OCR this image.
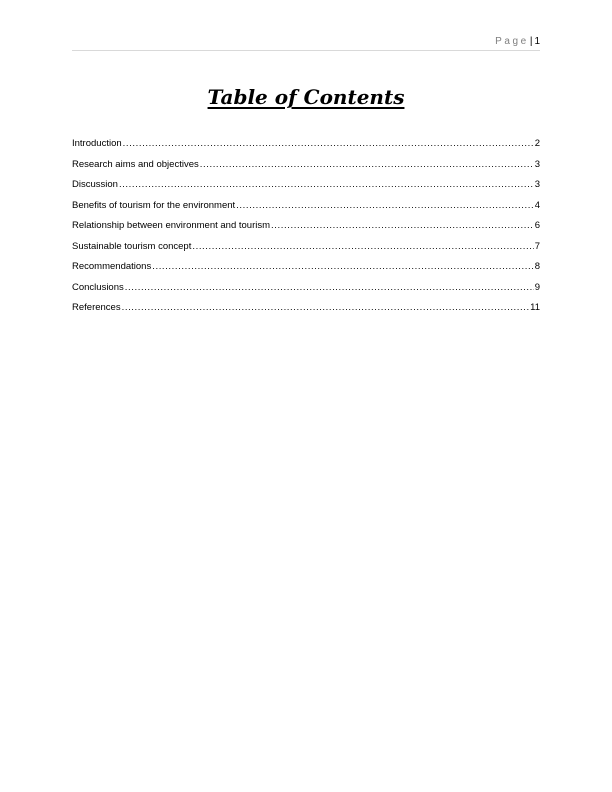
Page| 1
Table of Contents
Introduction .....	2
Research aims and objectives .....	3
Discussion .....	3
Benefits of tourism for the environment .....	4
Relationship between environment and tourism .....	6
Sustainable tourism concept .....	7
Recommendations .....	8
Conclusions .....	9
References .....	11
